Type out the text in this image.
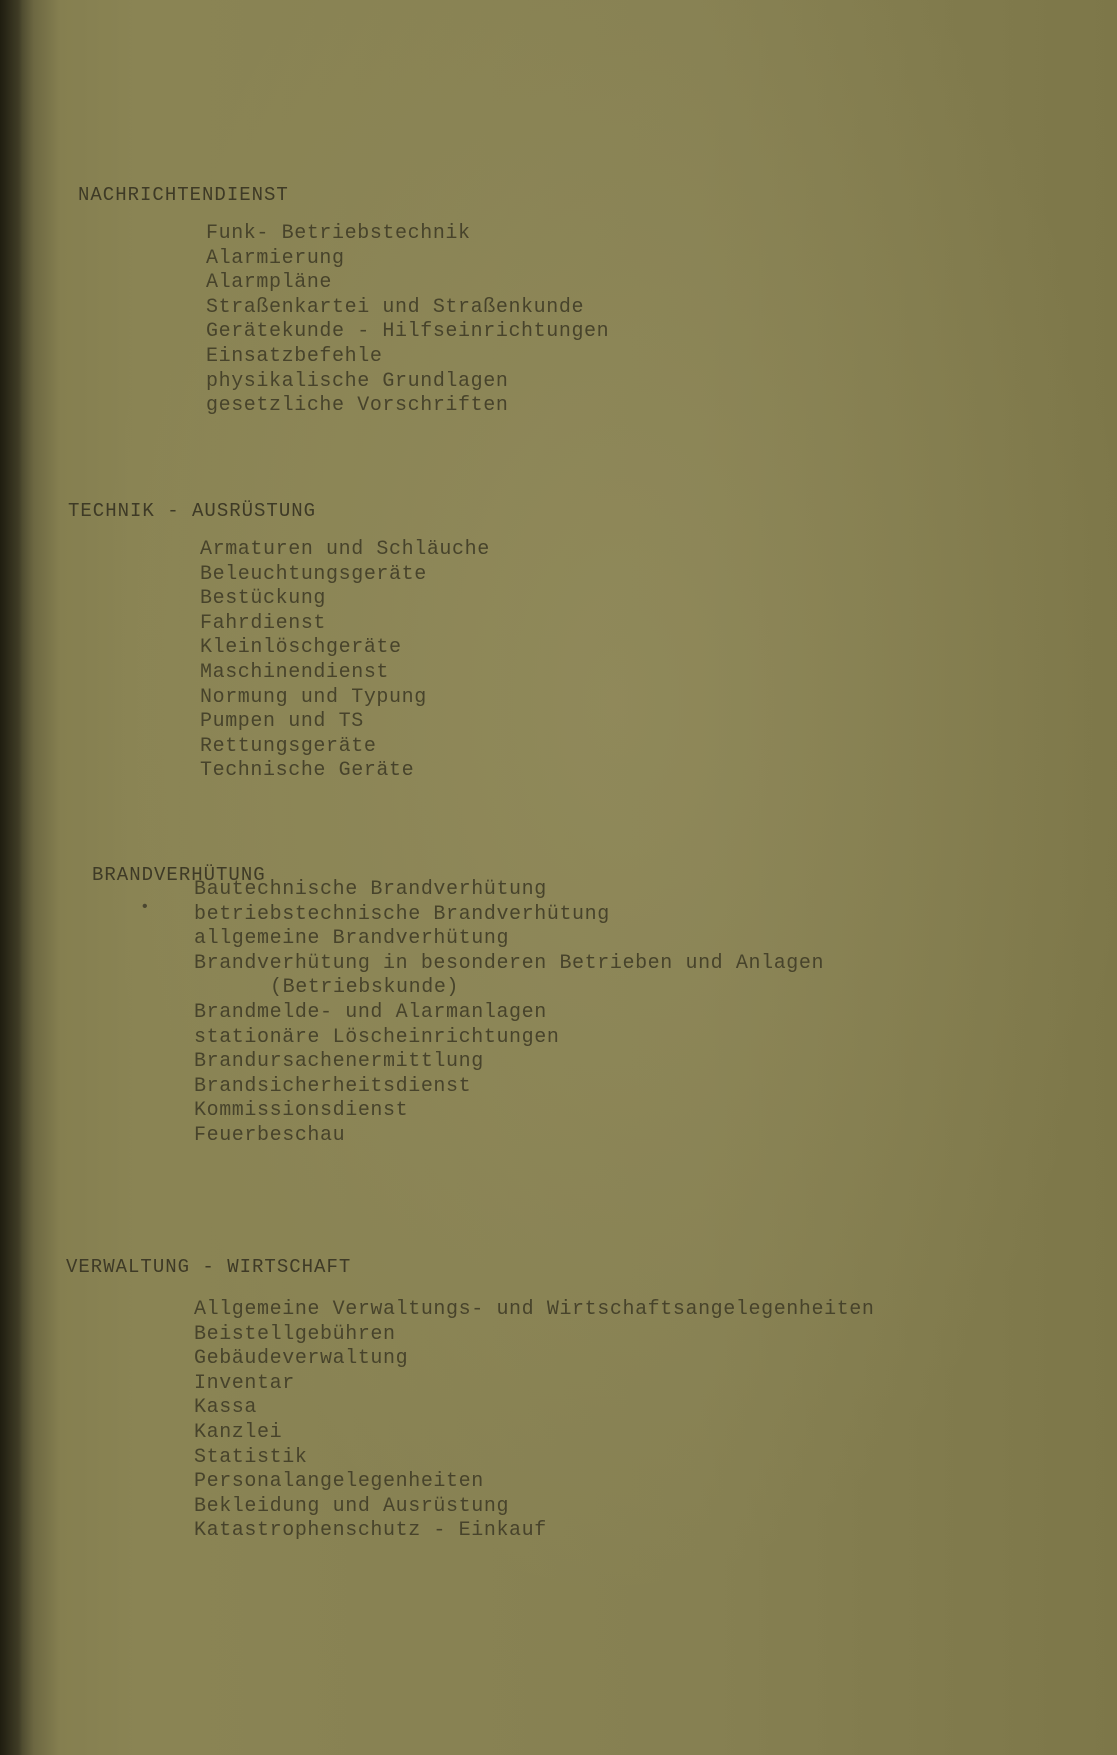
NACHRICHTENDIENST
Funk- Betriebstechnik
Alarmierung
Alarmpläne
Straßenkartei und Straßenkunde
Gerätekunde - Hilfseinrichtungen
Einsatzbefehle
physikalische Grundlagen
gesetzliche Vorschriften
TECHNIK - AUSRÜSTUNG
Armaturen und Schläuche
Beleuchtungsgeräte
Bestückung
Fahrdienst
Kleinlöschgeräte
Maschinendienst
Normung und Typung
Pumpen und TS
Rettungsgeräte
Technische Geräte
BRANDVERHÜTUNG
•
Bautechnische Brandverhütung
betriebstechnische Brandverhütung
allgemeine Brandverhütung
Brandverhütung in besonderen Betrieben und Anlagen
(Betriebskunde)
Brandmelde- und Alarmanlagen
stationäre Löscheinrichtungen
Brandursachenermittlung
Brandsicherheitsdienst
Kommissionsdienst
Feuerbeschau
VERWALTUNG - WIRTSCHAFT
Allgemeine Verwaltungs- und Wirtschaftsangelegenheiten
Beistellgebühren
Gebäudeverwaltung
Inventar
Kassa
Kanzlei
Statistik
Personalangelegenheiten
Bekleidung und Ausrüstung
Katastrophenschutz - Einkauf
